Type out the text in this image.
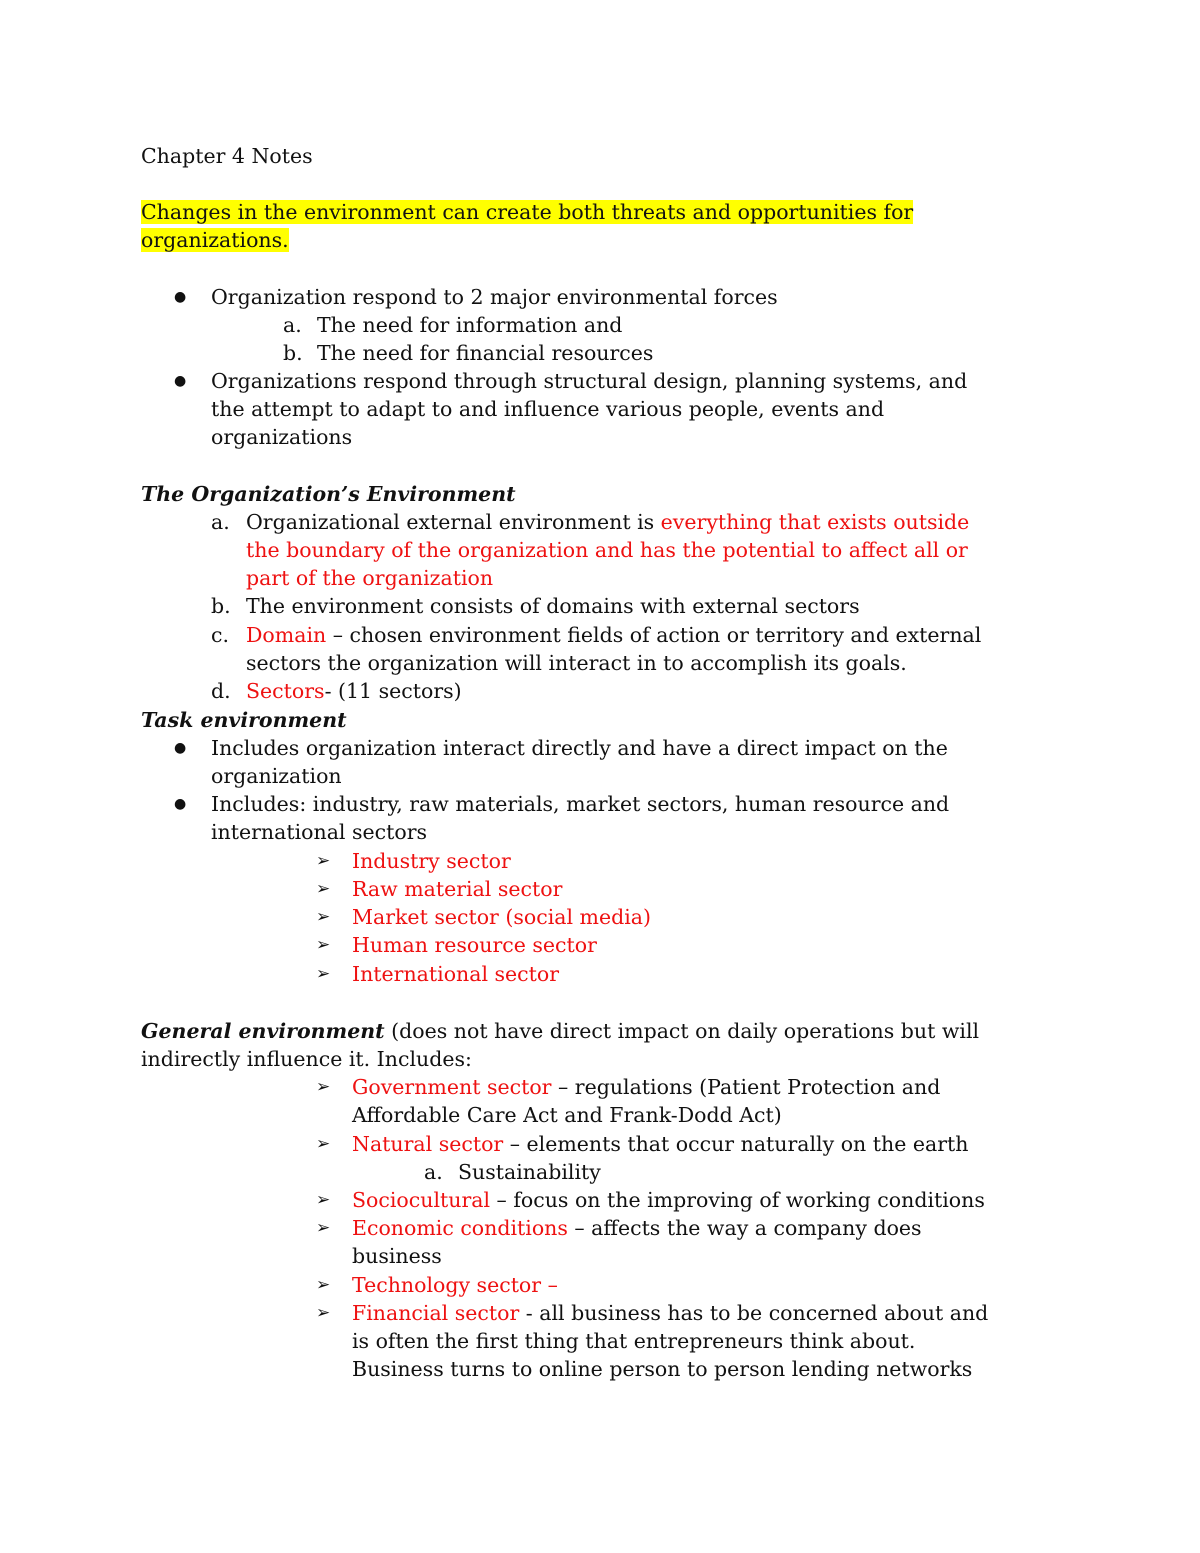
Chapter 4 Notes
Changes in the environment can create both threats and opportunities for
organizations.
● Organization respond to 2 major environmental forces
a. The need for information and
b. The need for financial resources
● Organizations respond through structural design, planning systems, and
the attempt to adapt to and influence various people, events and
organizations
The Organization’s Environment
a. Organizational external environment is everything that exists outside
the boundary of the organization and has the potential to affect all or
part of the organization
b. The environment consists of domains with external sectors
c. Domain – chosen environment fields of action or territory and external
sectors the organization will interact in to accomplish its goals.
d. Sectors- (11 sectors)
Task environment
● Includes organization interact directly and have a direct impact on the
organization
● Includes: industry, raw materials, market sectors, human resource and
international sectors
➢ Industry sector
➢ Raw material sector
➢ Market sector (social media)
➢ Human resource sector
➢ International sector
General environment (does not have direct impact on daily operations but will
indirectly influence it. Includes:
➢ Government sector – regulations (Patient Protection and
Affordable Care Act and Frank-Dodd Act)
➢ Natural sector – elements that occur naturally on the earth
a. Sustainability
➢ Sociocultural – focus on the improving of working conditions
➢ Economic conditions – affects the way a company does
business
➢ Technology sector –
➢ Financial sector - all business has to be concerned about and
is often the first thing that entrepreneurs think about.
Business turns to online person to person lending networks
